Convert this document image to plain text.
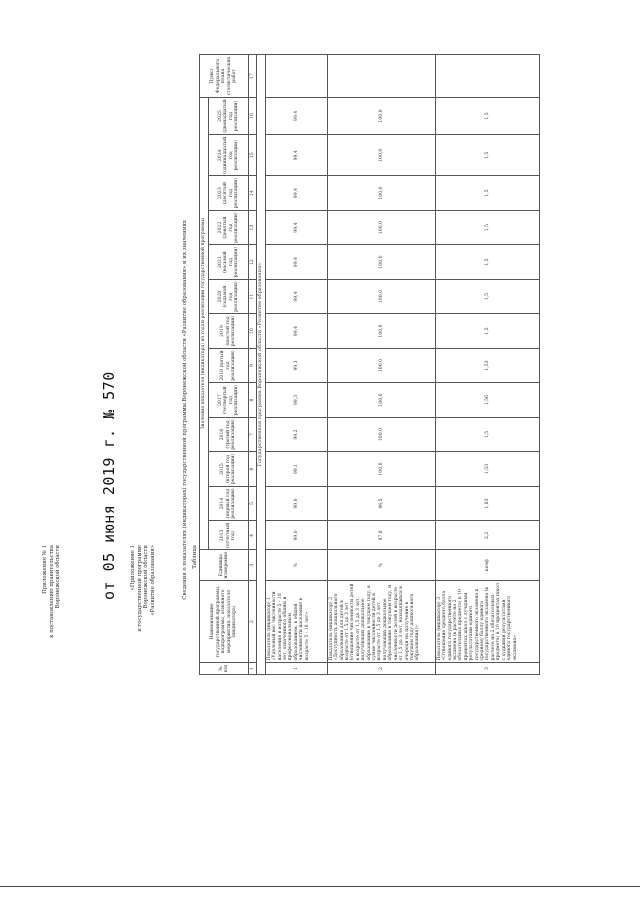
Приложение № 1 к постановлению правительства Воронежской области	от 05 июня 2019 г. № 570 «Приложение 1 к государственной программе Воронежской области «Развитие образования»	Таблица
Сведения о показателях (индикаторах) государственной программы Воронежской области «Развитие образования» и их значениях
№ п/п	Наименование государственной программы, подпрограммы, основного мероприятия, показателя (индикатора)	Единицы измерения	Значения показателя (индикатора) по годам реализации государственной программы													Пункт Федерального плана статистических работ
			2013 (отчетный год)	2014 (первый год реализации)	2015 (второй год реализации)	2016 (третий год реализации)	2017 (четвертый год реализации)	2018 (пятый год реализации)	2019 (шестой год реализации)	2020 (седьмой год реализации)	2021 (восьмой год реализации)	2022 (девятый год реализации)	2023 (десятый год реализации)	2024 (одиннадцатый год реализации)	2025 (двенадцатый год реализации)	
1	2	3	4	5	6	7	8	9	10	11	12	13	14	15	16	17
Государственная программа Воронежской области «Развитие образования»																
1	Показатель (индикатор) 1 «Удельный вес численности населения в возрасте 5 - 18 лет, охваченного общим и профессиональным образованием, в общей численности населения в возрасте 5 - 18 лет»	%	99,0	99,0	99,1	99,2	99,3	99,3	99,4	99,4	99,4	99,4	99,4	99,4	99,4	
2	Показатель (индикатор) 2 «Доступность дошкольного образования для детей в возрасте от 1,5 до 3 лет (отношение численности детей в возрасте от 1,5 до 3 лет, получающих дошкольное образование в текущем году, к сумме численности детей в возрасте от 1,5 до 3 лет, получающих дошкольное образование в текущем году, и численности детей в возрасте от 1,5 до 3 лет, находящихся в очереди на получение в текущем году дошкольного образования)»	%	97,8	96,5	100,0	100,0	100,0	100,0	100,0	100,0	100,0	100,0	100,0	100,0	100,0	
3	Показатель (индикатор) 3 «Отношение среднего балла единого государственного экзамена (в расчете на 2 обязательных предмета) в 10 процентах школ с лучшими результатами единого государственного экзамена к среднему баллу единого государственного экзамена (в расчете на 2 обязательных предмета) в 10 процентах школ с худшими результатами единого государственного экзамена»	коэф	2,2	1,83	1,53	1,5	1,56	1,53	1,5	1,5	1,5	1,5	1,5	1,5	1,5	
